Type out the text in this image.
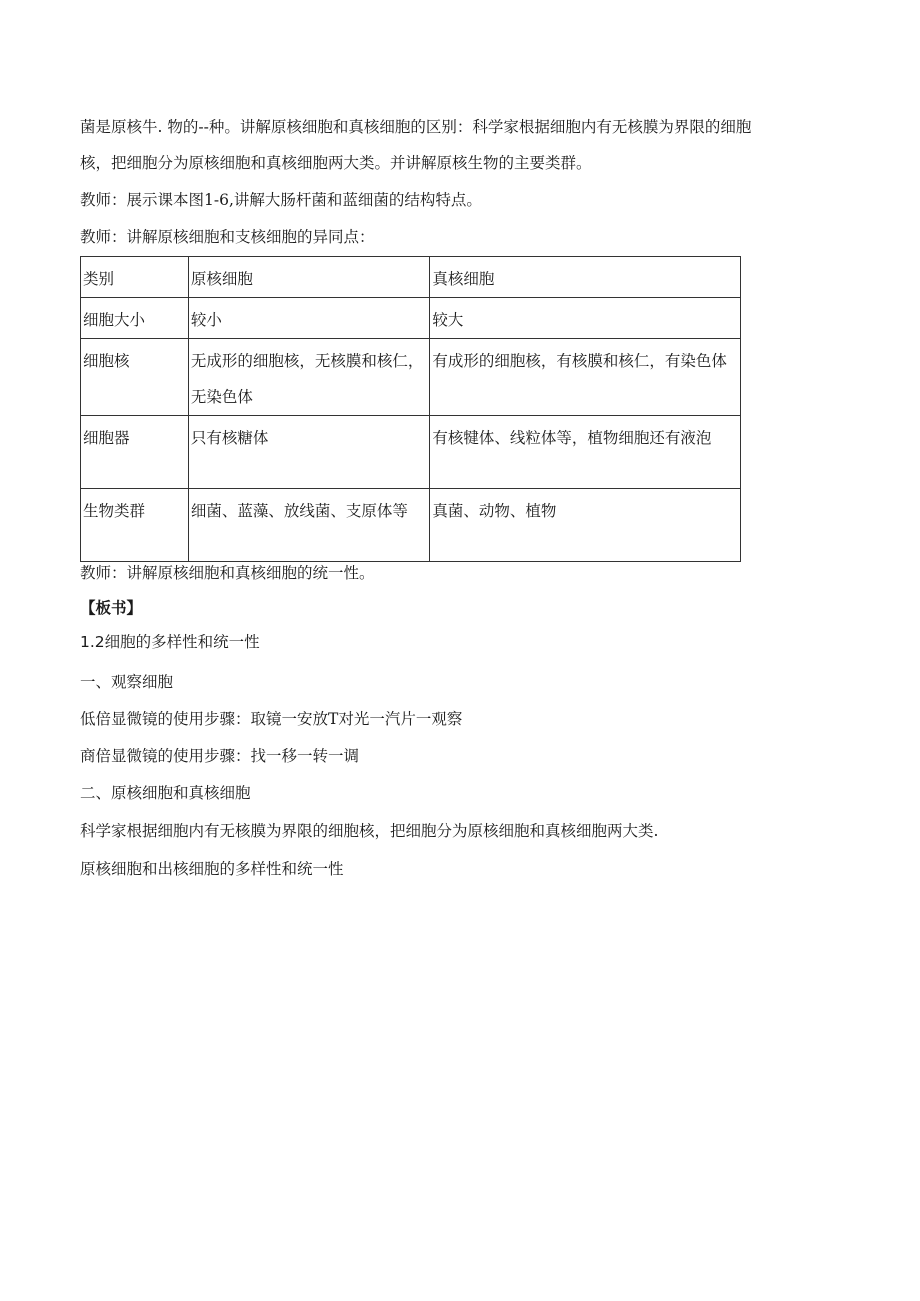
菌是原核牛. 物的--种。讲解原核细胞和真核细胞的区别：科学家根据细胞内有无核膜为界限的细胞

核，把细胞分为原核细胞和真核细胞两大类。并讲解原核生物的主要类群。

教师：展示课本图1-6,讲解大肠杆菌和蓝细菌的结构特点。

教师：讲解原核细胞和支核细胞的异同点：

类别	原核细胞	真核细胞
细胞大小	较小	较大
细胞核	无成形的细胞核，无核膜和核仁，无染色体	有成形的细胞核，有核膜和核仁，有染色体
细胞器	只有核糖体	有核犍体、线粒体等，植物细胞还有液泡
生物类群	细菌、蓝藻、放线菌、支原体等	真菌、动物、植物

教师：讲解原核细胞和真核细胞的统一性。

【板书】

1.2细胞的多样性和统一性

一、观察细胞

低倍显微镜的使用步骤：取镜一安放T对光一汽片一观察

商倍显微镜的使用步骤：找一移一转一调

二、原核细胞和真核细胞

科学家根据细胞内有无核膜为界限的细胞核，把细胞分为原核细胞和真核细胞两大类.

原核细胞和出核细胞的多样性和统一性
